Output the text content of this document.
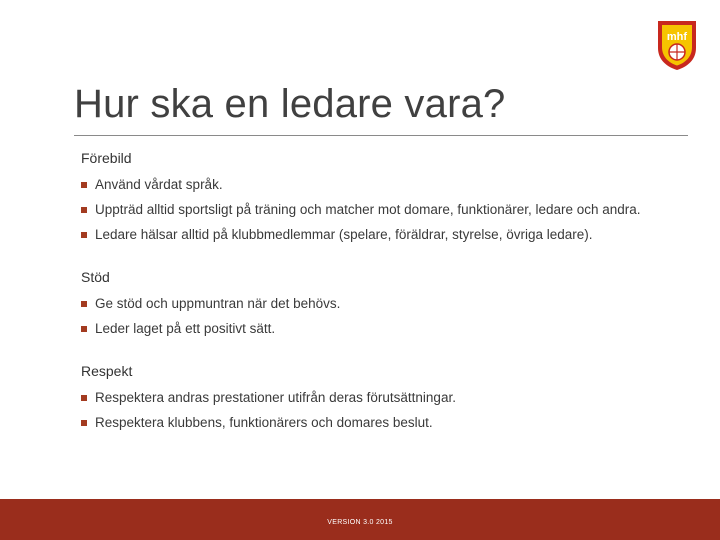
mhf
Hur ska en ledare vara?
Förebild
Använd vårdat språk.
Uppträd alltid sportsligt på träning och matcher mot domare, funktionärer, ledare och andra.
Ledare hälsar alltid på klubbmedlemmar (spelare, föräldrar, styrelse, övriga ledare).
Stöd
Ge stöd och uppmuntran när det behövs.
Leder laget på ett positivt sätt.
Respekt
Respektera andras prestationer utifrån deras förutsättningar.
Respektera klubbens, funktionärers och domares beslut.
VERSION 3.0 2015
